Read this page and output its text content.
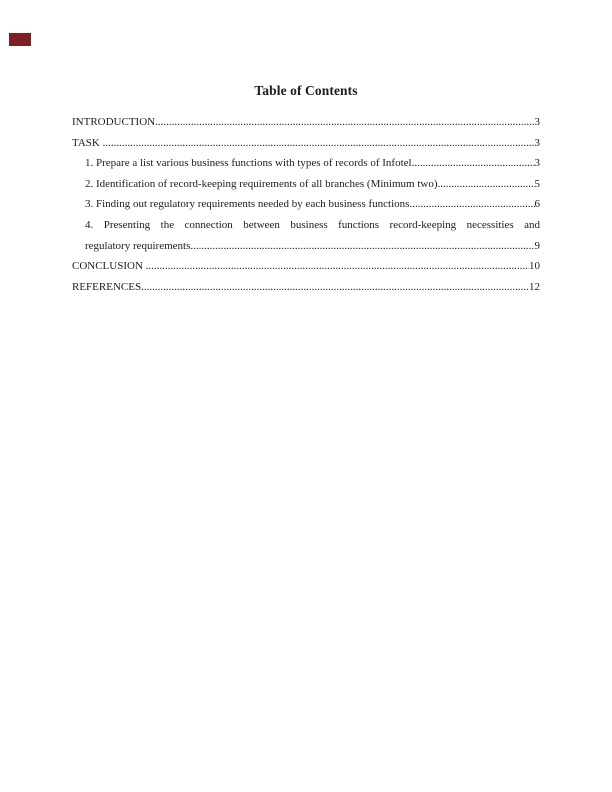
Table of Contents
INTRODUCTION .....	3
TASK .....	3
1. Prepare a list various business functions with types of records of Infotel .....	3
2. Identification of record-keeping requirements of all branches (Minimum two) .....	5
3. Finding out regulatory requirements needed by each business functions .....	6
4. Presenting the connection between business functions record-keeping necessities and
regulatory requirements .....	9
CONCLUSION .....	10
REFERENCES .....	12
